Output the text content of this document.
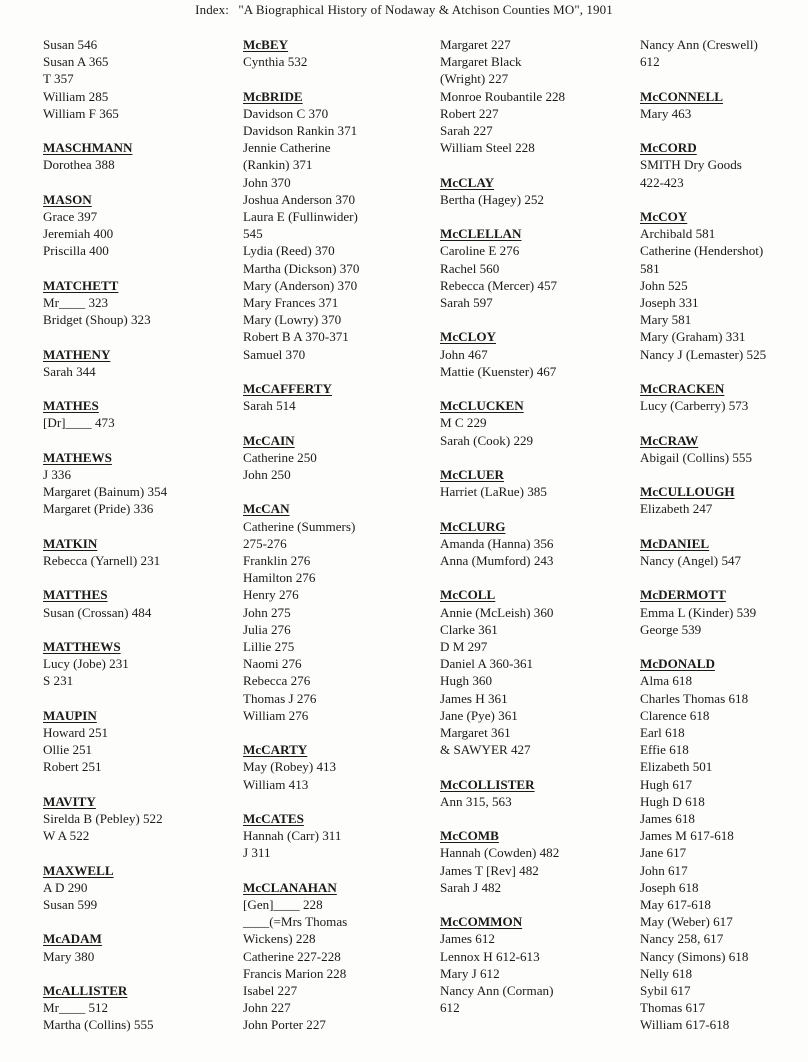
Index: "A Biographical History of Nodaway & Atchison Counties MO", 1901
Susan 546
Susan A 365
T 357
William 285
William F 365
MASCHMANN
Dorothea 388
MASON
Grace 397
Jeremiah 400
Priscilla 400
MATCHETT
Mr____ 323
Bridget (Shoup) 323
MATHENY
Sarah 344
MATHES
[Dr]____ 473
MATHEWS
J 336
Margaret (Bainum) 354
Margaret (Pride) 336
MATKIN
Rebecca (Yarnell) 231
MATTHES
Susan (Crossan) 484
MATTHEWS
Lucy (Jobe) 231
S 231
MAUPIN
Howard 251
Ollie 251
Robert 251
MAVITY
Sirelda B (Pebley) 522
W A 522
MAXWELL
A D 290
Susan 599
McADAM
Mary 380
McALLISTER
Mr____ 512
Martha (Collins) 555
McBEY
Cynthia 532
McBRIDE
Davidson C 370
Davidson Rankin 371
Jennie Catherine
(Rankin) 371
John 370
Joshua Anderson 370
Laura E (Fullinwider)
545
Lydia (Reed) 370
Martha (Dickson) 370
Mary (Anderson) 370
Mary Frances 371
Mary (Lowry) 370
Robert B A 370-371
Samuel 370
McCAFFERTY
Sarah 514
McCAIN
Catherine 250
John 250
McCAN
Catherine (Summers)
275-276
Franklin 276
Hamilton 276
Henry 276
John 275
Julia 276
Lillie 275
Naomi 276
Rebecca 276
Thomas J 276
William 276
McCARTY
May (Robey) 413
William 413
McCATES
Hannah (Carr) 311
J 311
McCLANAHAN
[Gen]____ 228
____(=Mrs Thomas
Wickens) 228
Catherine 227-228
Francis Marion 228
Isabel 227
John 227
John Porter 227
Margaret 227
Margaret Black
(Wright) 227
Monroe Roubantile 228
Robert 227
Sarah 227
William Steel 228
McCLAY
Bertha (Hagey) 252
McCLELLAN
Caroline E 276
Rachel 560
Rebecca (Mercer) 457
Sarah 597
McCLOY
John 467
Mattie (Kuenster) 467
McCLUCKEN
M C 229
Sarah (Cook) 229
McCLUER
Harriet (LaRue) 385
McCLURG
Amanda (Hanna) 356
Anna (Mumford) 243
McCOLL
Annie (McLeish) 360
Clarke 361
D M 297
Daniel A 360-361
Hugh 360
James H 361
Jane (Pye) 361
Margaret 361
& SAWYER 427
McCOLLISTER
Ann 315, 563
McCOMB
Hannah (Cowden) 482
James T [Rev] 482
Sarah J 482
McCOMMON
James 612
Lennox H 612-613
Mary J 612
Nancy Ann (Corman)
612
Nancy Ann (Creswell)
612
McCONNELL
Mary 463
McCORD
SMITH Dry Goods
422-423
McCOY
Archibald 581
Catherine (Hendershot)
581
John 525
Joseph 331
Mary 581
Mary (Graham) 331
Nancy J (Lemaster) 525
McCRACKEN
Lucy (Carberry) 573
McCRAW
Abigail (Collins) 555
McCULLOUGH
Elizabeth 247
McDANIEL
Nancy (Angel) 547
McDERMOTT
Emma L (Kinder) 539
George 539
McDONALD
Alma 618
Charles Thomas 618
Clarence 618
Earl 618
Effie 618
Elizabeth 501
Hugh 617
Hugh D 618
James 618
James M 617-618
Jane 617
John 617
Joseph 618
May 617-618
May (Weber) 617
Nancy 258, 617
Nancy (Simons) 618
Nelly 618
Sybil 617
Thomas 617
William 617-618
